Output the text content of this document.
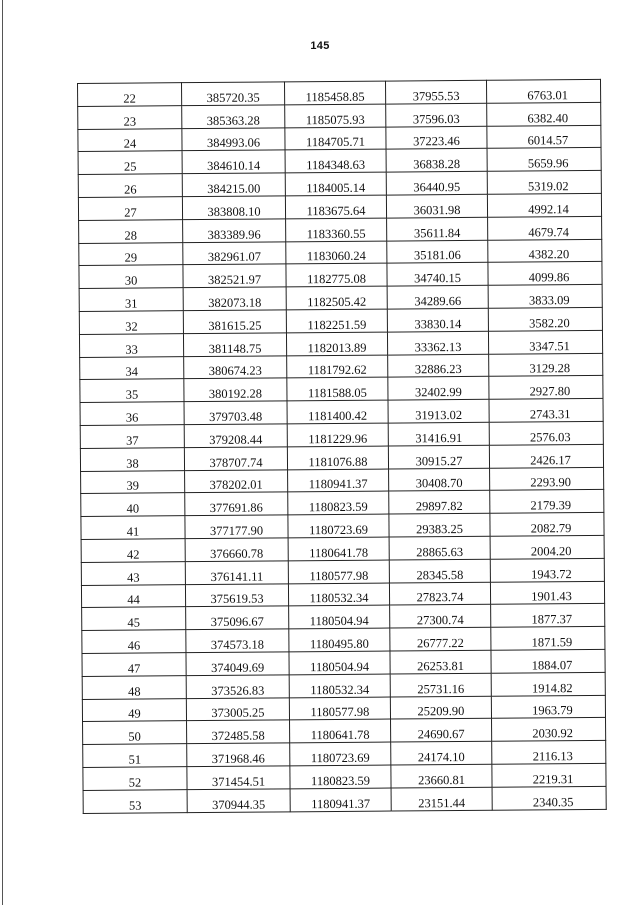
145
22	385720.35	1185458.85	37955.53	6763.01
23	385363.28	1185075.93	37596.03	6382.40
24	384993.06	1184705.71	37223.46	6014.57
25	384610.14	1184348.63	36838.28	5659.96
26	384215.00	1184005.14	36440.95	5319.02
27	383808.10	1183675.64	36031.98	4992.14
28	383389.96	1183360.55	35611.84	4679.74
29	382961.07	1183060.24	35181.06	4382.20
30	382521.97	1182775.08	34740.15	4099.86
31	382073.18	1182505.42	34289.66	3833.09
32	381615.25	1182251.59	33830.14	3582.20
33	381148.75	1182013.89	33362.13	3347.51
34	380674.23	1181792.62	32886.23	3129.28
35	380192.28	1181588.05	32402.99	2927.80
36	379703.48	1181400.42	31913.02	2743.31
37	379208.44	1181229.96	31416.91	2576.03
38	378707.74	1181076.88	30915.27	2426.17
39	378202.01	1180941.37	30408.70	2293.90
40	377691.86	1180823.59	29897.82	2179.39
41	377177.90	1180723.69	29383.25	2082.79
42	376660.78	1180641.78	28865.63	2004.20
43	376141.11	1180577.98	28345.58	1943.72
44	375619.53	1180532.34	27823.74	1901.43
45	375096.67	1180504.94	27300.74	1877.37
46	374573.18	1180495.80	26777.22	1871.59
47	374049.69	1180504.94	26253.81	1884.07
48	373526.83	1180532.34	25731.16	1914.82
49	373005.25	1180577.98	25209.90	1963.79
50	372485.58	1180641.78	24690.67	2030.92
51	371968.46	1180723.69	24174.10	2116.13
52	371454.51	1180823.59	23660.81	2219.31
53	370944.35	1180941.37	23151.44	2340.35
